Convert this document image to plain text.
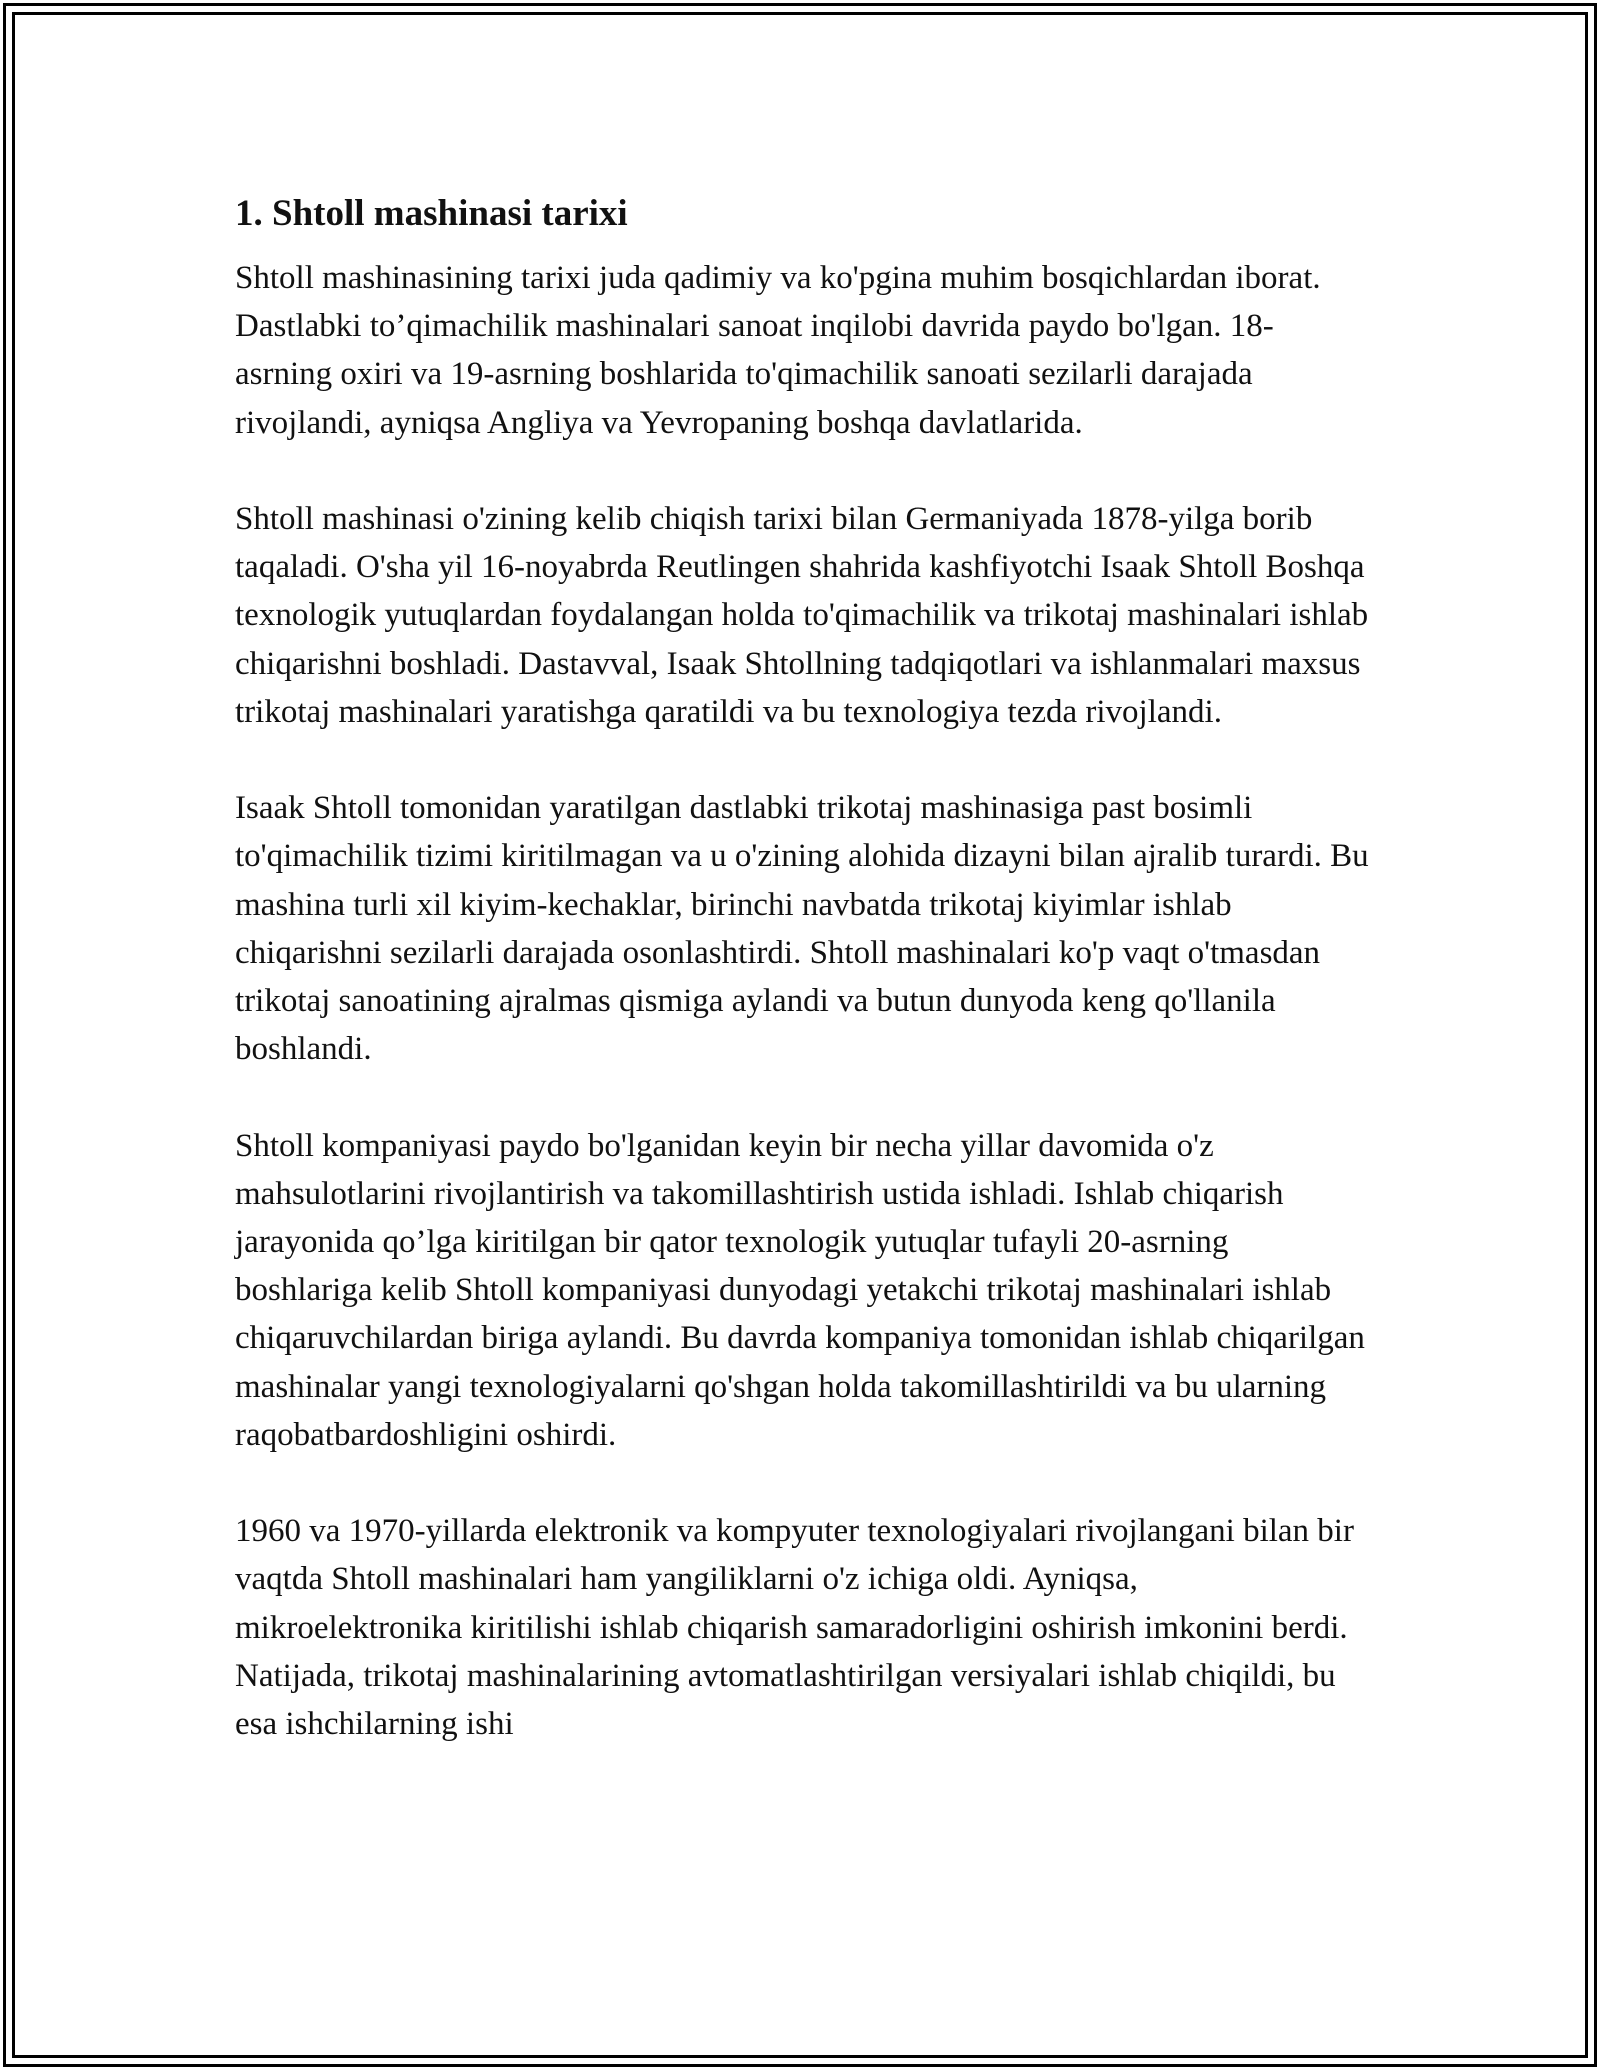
1. Shtoll mashinasi tarixi

Shtoll mashinasining tarixi juda qadimiy va ko'pgina muhim bosqichlardan iborat. Dastlabki to’qimachilik mashinalari sanoat inqilobi davrida paydo bo'lgan. 18-asrning oxiri va 19-asrning boshlarida to'qimachilik sanoati sezilarli darajada rivojlandi, ayniqsa Angliya va Yevropaning boshqa davlatlarida.

Shtoll mashinasi o'zining kelib chiqish tarixi bilan Germaniyada 1878-yilga borib taqaladi. O'sha yil 16-noyabrda Reutlingen shahrida kashfiyotchi Isaak Shtoll Boshqa texnologik yutuqlardan foydalangan holda to'qimachilik va trikotaj mashinalari ishlab chiqarishni boshladi. Dastavval, Isaak Shtollning tadqiqotlari va ishlanmalari maxsus trikotaj mashinalari yaratishga qaratildi va bu texnologiya tezda rivojlandi.

Isaak Shtoll tomonidan yaratilgan dastlabki trikotaj mashinasiga past bosimli to'qimachilik tizimi kiritilmagan va u o'zining alohida dizayni bilan ajralib turardi. Bu mashina turli xil kiyim-kechaklar, birinchi navbatda trikotaj kiyimlar ishlab chiqarishni sezilarli darajada osonlashtirdi. Shtoll mashinalari ko'p vaqt o'tmasdan trikotaj sanoatining ajralmas qismiga aylandi va butun dunyoda keng qo'llanila boshlandi.

Shtoll kompaniyasi paydo bo'lganidan keyin bir necha yillar davomida o'z mahsulotlarini rivojlantirish va takomillashtirish ustida ishladi. Ishlab chiqarish jarayonida qo’lga kiritilgan bir qator texnologik yutuqlar tufayli 20-asrning boshlariga kelib Shtoll kompaniyasi dunyodagi yetakchi trikotaj mashinalari ishlab chiqaruvchilardan biriga aylandi. Bu davrda kompaniya tomonidan ishlab chiqarilgan mashinalar yangi texnologiyalarni qo'shgan holda takomillashtirildi va bu ularning raqobatbardoshligini oshirdi.

1960 va 1970-yillarda elektronik va kompyuter texnologiyalari rivojlangani bilan bir vaqtda Shtoll mashinalari ham yangiliklarni o'z ichiga oldi. Ayniqsa, mikroelektronika kiritilishi ishlab chiqarish samaradorligini oshirish imkonini berdi. Natijada, trikotaj mashinalarining avtomatlashtirilgan versiyalari ishlab chiqildi, bu esa ishchilarning ishi
